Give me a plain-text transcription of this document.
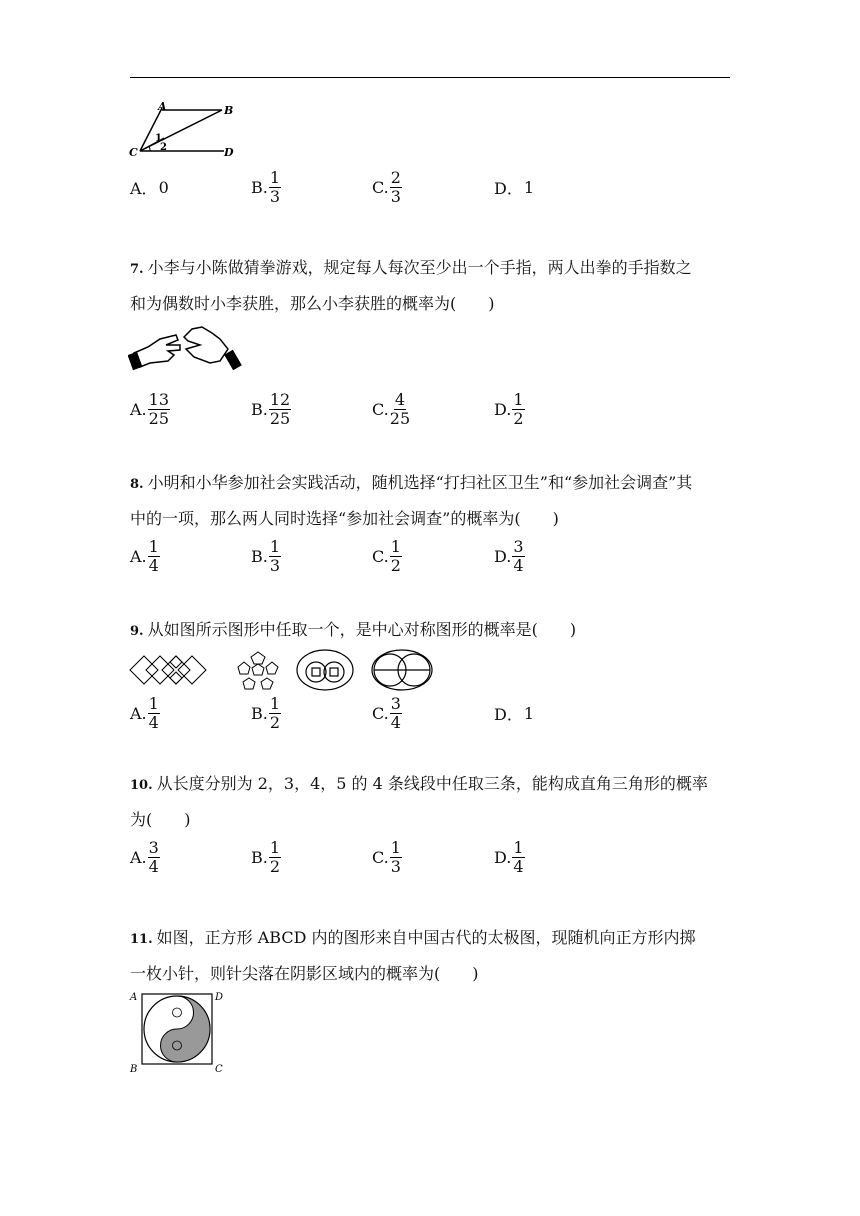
A	B
C	D
1
2
A． 0	B. $\frac{1}{3}$	C. $\frac{2}{3}$	D． 1
7. 小李与小陈做猜拳游戏，规定每人每次至少出一个手指，两人出拳的手指数之
和为偶数时小李获胜，那么小李获胜的概率为(　　)
A. $\frac{13}{25}$	B. $\frac{12}{25}$	C. $\frac{4}{25}$	D. $\frac{1}{2}$
8. 小明和小华参加社会实践活动，随机选择“打扫社区卫生”和“参加社会调查”其
中的一项，那么两人同时选择“参加社会调查”的概率为(　　)
A. $\frac{1}{4}$	B. $\frac{1}{3}$	C. $\frac{1}{2}$	D. $\frac{3}{4}$
9. 从如图所示图形中任取一个，是中心对称图形的概率是(　　)
A. $\frac{1}{4}$	B. $\frac{1}{2}$	C. $\frac{3}{4}$	D． 1
10. 从长度分别为 2，3，4，5 的 4 条线段中任取三条，能构成直角三角形的概率
为(　　)
A. $\frac{3}{4}$	B. $\frac{1}{2}$	C. $\frac{1}{3}$	D. $\frac{1}{4}$
11. 如图，正方形 ABCD 内的图形来自中国古代的太极图，现随机向正方形内掷
一枚小针，则针尖落在阴影区域内的概率为(　　)
A	D
B	C
